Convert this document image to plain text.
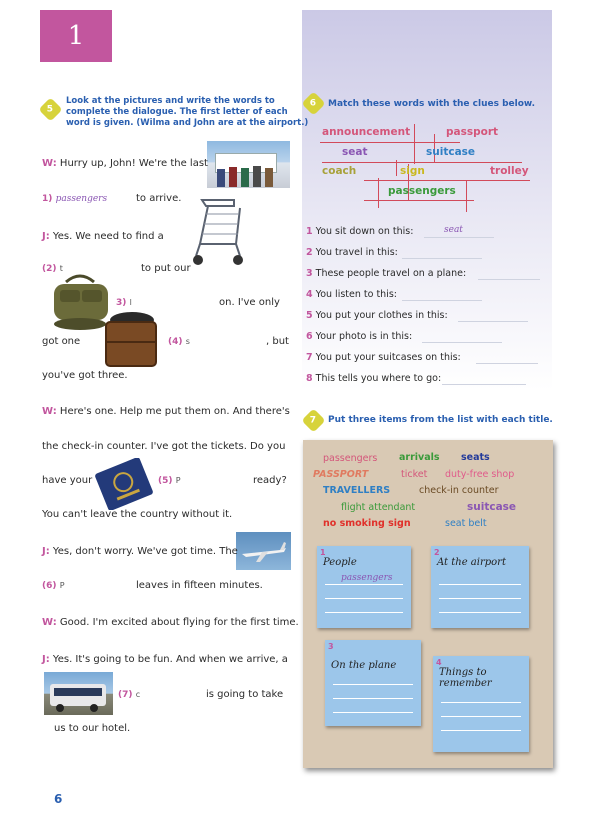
1
5
Look at the pictures and write the words to
complete the dialogue. The first letter of each
word is given. (Wilma and John are at the airport.)
W: Hurry up, John! We're the last
1) passengers	to arrive.
J: Yes. We need to find a
(2) t	to put our
3) l	on. I've only
got one	(4) s	, but
you've got three.
W: Here's one. Help me put them on. And there's
the check-in counter. I've got the tickets. Do you
have your	(5) P	ready?
You can't leave the country without it.
J: Yes, don't worry. We've got time. The
(6) P	leaves in fifteen minutes.
W: Good. I'm excited about flying for the first time.
J: Yes. It's going to be fun. And when we arrive, a
(7) c	is going to take
us to our hotel.
6 Match these words with the clues below.
announcement	passport
seat	suitcase
coach	sign	trolley
passengers
1 You sit down on this:	seat
2 You travel in this:
3 These people travel on a plane:
4 You listen to this:
5 You put your clothes in this:
6 Your photo is in this:
7 You put your suitcases on this:
8 This tells you where to go:
7 Put three items from the list with each title.
passengers arrivals seats
PASSPORT	ticket duty-free shop
TRAVELLERS	check-in counter
flight attendant	suitcase
no smoking sign	seat belt
1
People
passengers
2
At the airport
3
On the plane	4
Things to
remember
6
